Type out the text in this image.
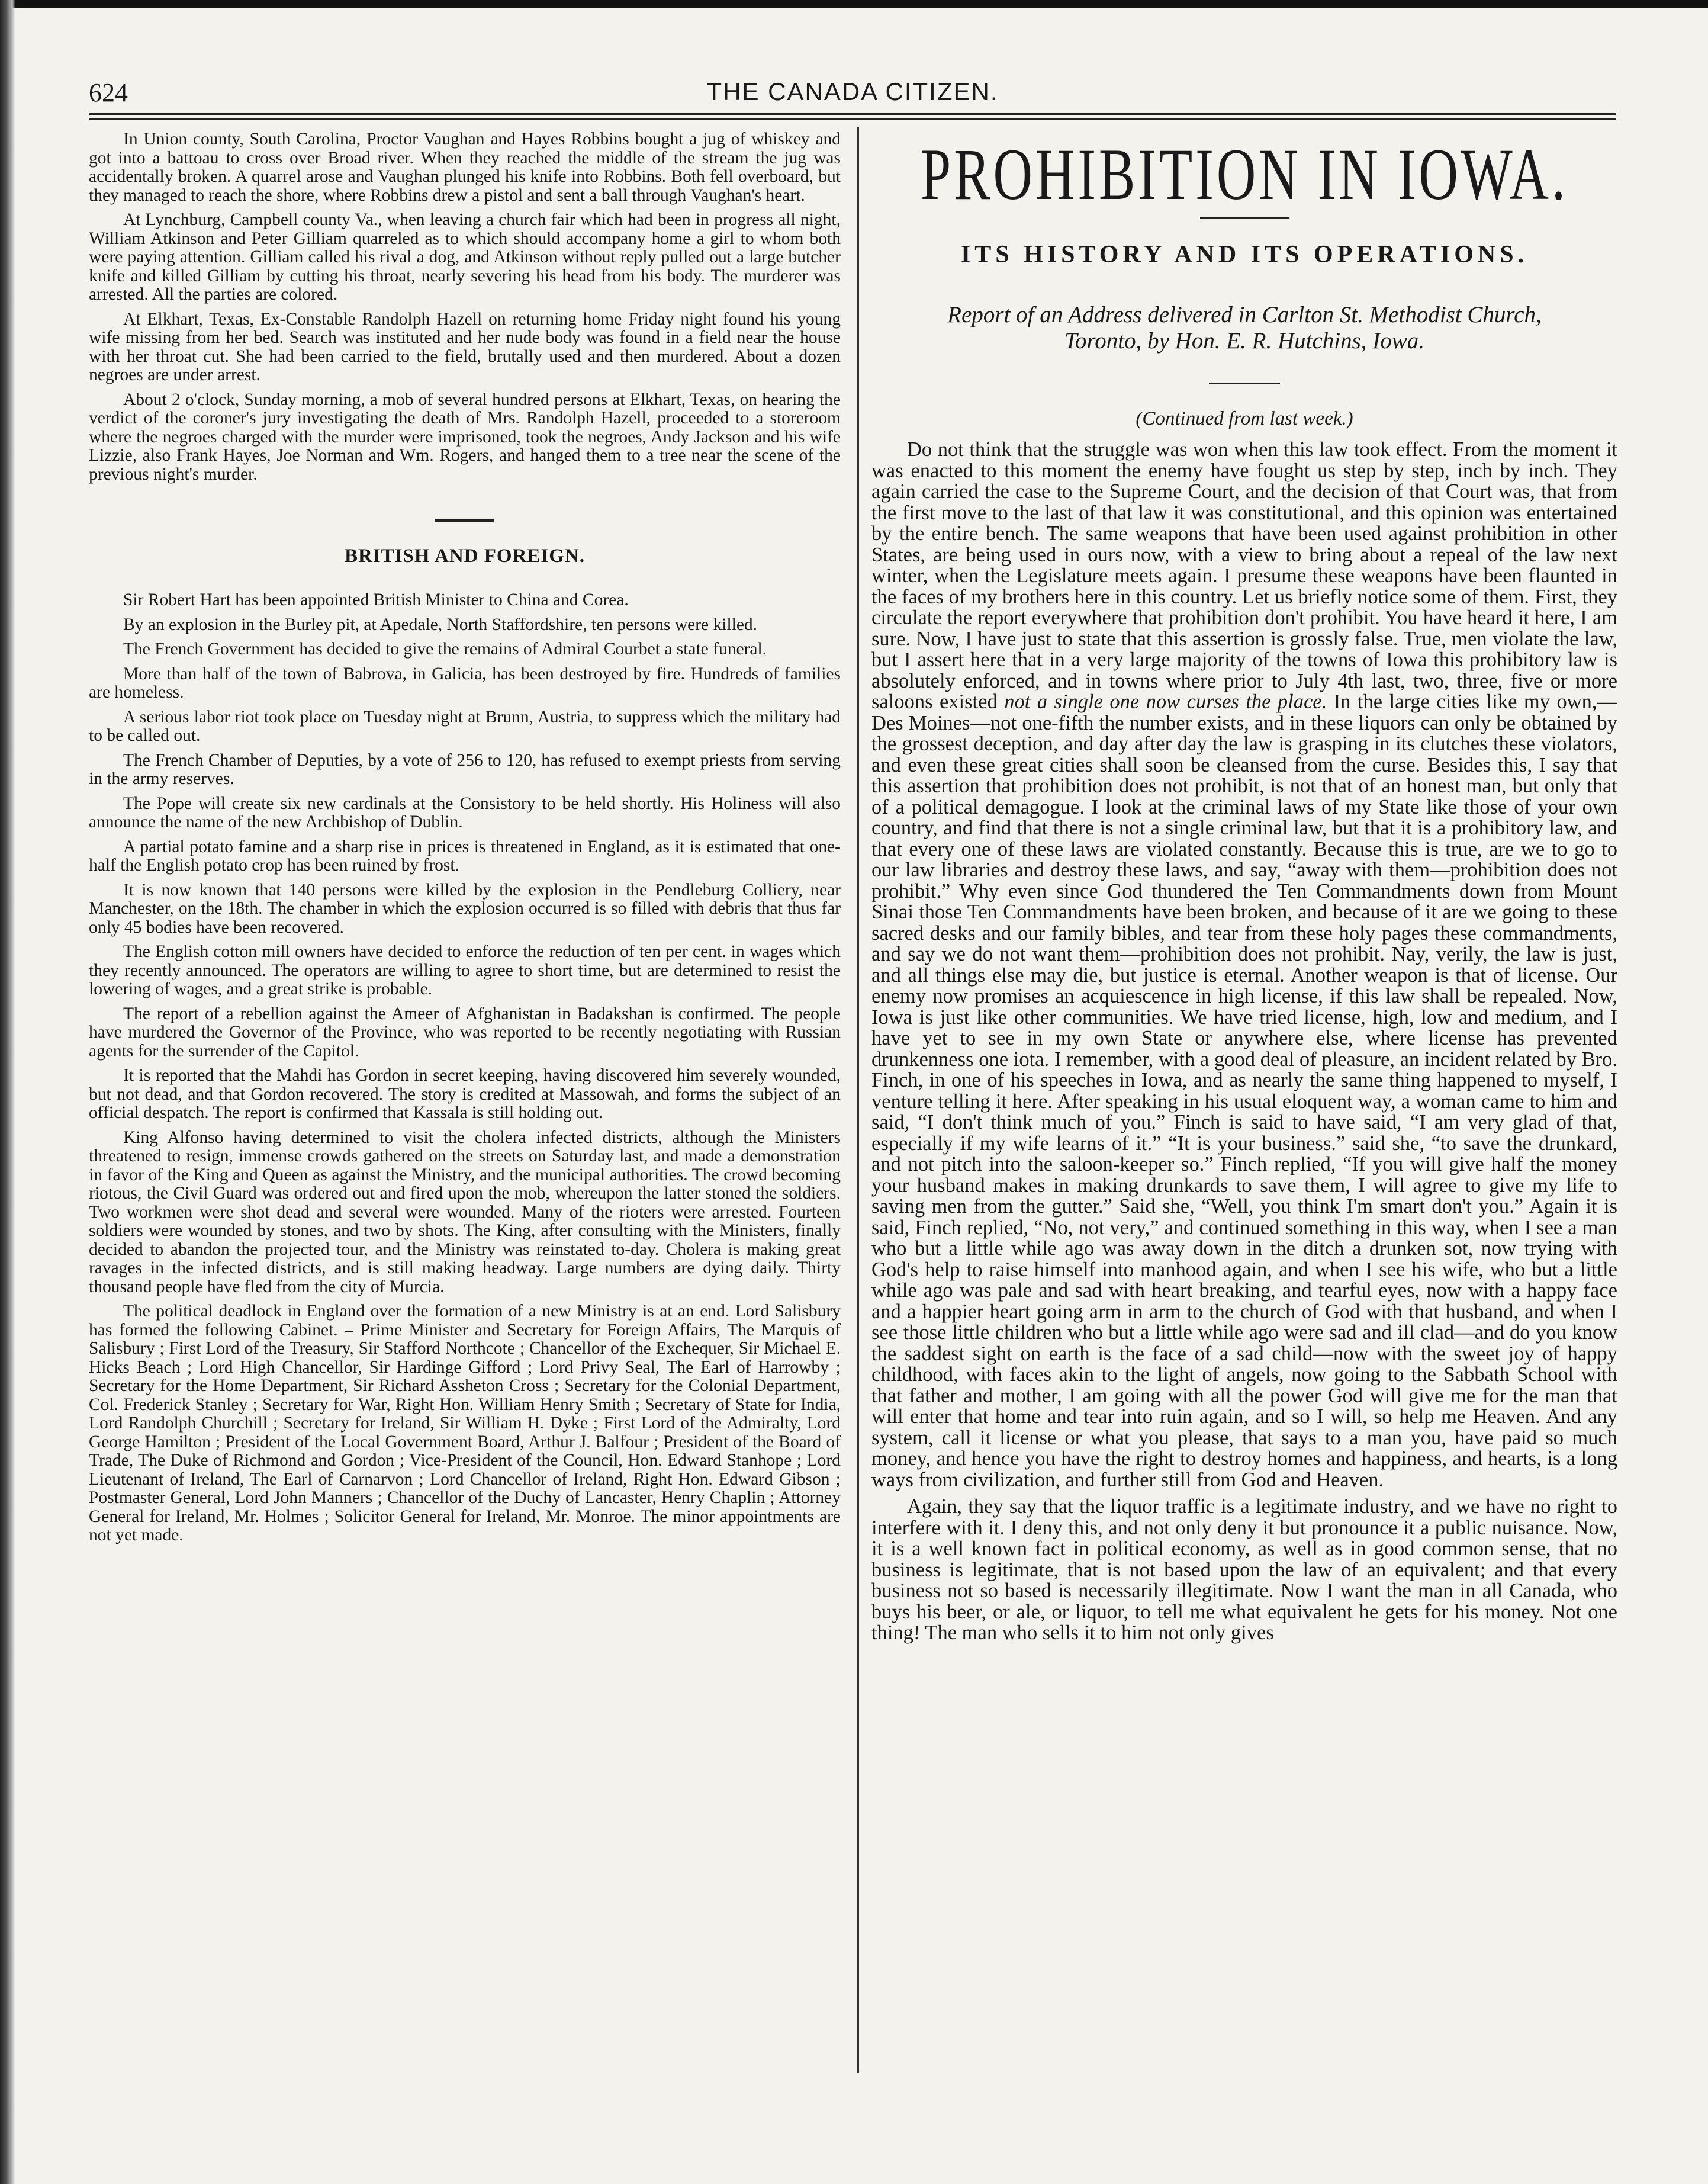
624	THE CANADA CITIZEN.

In Union county, South Carolina, Proctor Vaughan and Hayes Robbins bought a jug of whiskey and got into a battoau to cross over Broad river. When they reached the middle of the stream the jug was accidentally broken. A quarrel arose and Vaughan plunged his knife into Robbins. Both fell overboard, but they managed to reach the shore, where Robbins drew a pistol and sent a ball through Vaughan's heart.

At Lynchburg, Campbell county Va., when leaving a church fair which had been in progress all night, William Atkinson and Peter Gilliam quarreled as to which should accompany home a girl to whom both were paying attention. Gilliam called his rival a dog, and Atkinson without reply pulled out a large butcher knife and killed Gilliam by cutting his throat, nearly severing his head from his body. The murderer was arrested. All the parties are colored.

At Elkhart, Texas, Ex-Constable Randolph Hazell on returning home Friday night found his young wife missing from her bed. Search was instituted and her nude body was found in a field near the house with her throat cut. She had been carried to the field, brutally used and then murdered. About a dozen negroes are under arrest.

About 2 o'clock, Sunday morning, a mob of several hundred persons at Elkhart, Texas, on hearing the verdict of the coroner's jury investigating the death of Mrs. Randolph Hazell, proceeded to a storeroom where the negroes charged with the murder were imprisoned, took the negroes, Andy Jackson and his wife Lizzie, also Frank Hayes, Joe Norman and Wm. Rogers, and hanged them to a tree near the scene of the previous night's murder.

BRITISH AND FOREIGN.

Sir Robert Hart has been appointed British Minister to China and Corea.

By an explosion in the Burley pit, at Apedale, North Staffordshire, ten persons were killed.

The French Government has decided to give the remains of Admiral Courbet a state funeral.

More than half of the town of Babrova, in Galicia, has been destroyed by fire. Hundreds of families are homeless.

A serious labor riot took place on Tuesday night at Brunn, Austria, to suppress which the military had to be called out.

The French Chamber of Deputies, by a vote of 256 to 120, has refused to exempt priests from serving in the army reserves.

The Pope will create six new cardinals at the Consistory to be held shortly. His Holiness will also announce the name of the new Archbishop of Dublin.

A partial potato famine and a sharp rise in prices is threatened in England, as it is estimated that one-half the English potato crop has been ruined by frost.

It is now known that 140 persons were killed by the explosion in the Pendleburg Colliery, near Manchester, on the 18th. The chamber in which the explosion occurred is so filled with debris that thus far only 45 bodies have been recovered.

The English cotton mill owners have decided to enforce the reduction of ten per cent. in wages which they recently announced. The operators are willing to agree to short time, but are determined to resist the lowering of wages, and a great strike is probable.

The report of a rebellion against the Ameer of Afghanistan in Badakshan is confirmed. The people have murdered the Governor of the Province, who was reported to be recently negotiating with Russian agents for the surrender of the Capitol.

It is reported that the Mahdi has Gordon in secret keeping, having discovered him severely wounded, but not dead, and that Gordon recovered. The story is credited at Massowah, and forms the subject of an official despatch. The report is confirmed that Kassala is still holding out.

King Alfonso having determined to visit the cholera infected districts, although the Ministers threatened to resign, immense crowds gathered on the streets on Saturday last, and made a demonstration in favor of the King and Queen as against the Ministry, and the municipal authorities. The crowd becoming riotous, the Civil Guard was ordered out and fired upon the mob, whereupon the latter stoned the soldiers. Two workmen were shot dead and several were wounded. Many of the rioters were arrested. Fourteen soldiers were wounded by stones, and two by shots. The King, after consulting with the Ministers, finally decided to abandon the projected tour, and the Ministry was reinstated to-day. Cholera is making great ravages in the infected districts, and is still making headway. Large numbers are dying daily. Thirty thousand people have fled from the city of Murcia.

The political deadlock in England over the formation of a new Ministry is at an end. Lord Salisbury has formed the following Cabinet. – Prime Minister and Secretary for Foreign Affairs, The Marquis of Salisbury ; First Lord of the Treasury, Sir Stafford Northcote ; Chancellor of the Exchequer, Sir Michael E. Hicks Beach ; Lord High Chancellor, Sir Hardinge Gifford ; Lord Privy Seal, The Earl of Harrowby ; Secretary for the Home Department, Sir Richard Assheton Cross ; Secretary for the Colonial Department, Col. Frederick Stanley ; Secretary for War, Right Hon. William Henry Smith ; Secretary of State for India, Lord Randolph Churchill ; Secretary for Ireland, Sir William H. Dyke ; First Lord of the Admiralty, Lord George Hamilton ; President of the Local Government Board, Arthur J. Balfour ; President of the Board of Trade, The Duke of Richmond and Gordon ; Vice-President of the Council, Hon. Edward Stanhope ; Lord Lieutenant of Ireland, The Earl of Carnarvon ; Lord Chancellor of Ireland, Right Hon. Edward Gibson ; Postmaster General, Lord John Manners ; Chancellor of the Duchy of Lancaster, Henry Chaplin ; Attorney General for Ireland, Mr. Holmes ; Solicitor General for Ireland, Mr. Monroe. The minor appointments are not yet made.

PROHIBITION IN IOWA.
ITS HISTORY AND ITS OPERATIONS.
Report of an Address delivered in Carlton St. Methodist Church,
Toronto, by Hon. E. R. Hutchins, Iowa.
(Continued from last week.)

Do not think that the struggle was won when this law took effect. From the moment it was enacted to this moment the enemy have fought us step by step, inch by inch. They again carried the case to the Supreme Court, and the decision of that Court was, that from the first move to the last of that law it was constitutional, and this opinion was entertained by the entire bench. The same weapons that have been used against prohibition in other States, are being used in ours now, with a view to bring about a repeal of the law next winter, when the Legislature meets again. I presume these weapons have been flaunted in the faces of my brothers here in this country. Let us briefly notice some of them. First, they circulate the report everywhere that prohibition don't prohibit. You have heard it here, I am sure. Now, I have just to state that this assertion is grossly false. True, men violate the law, but I assert here that in a very large majority of the towns of Iowa this prohibitory law is absolutely enforced, and in towns where prior to July 4th last, two, three, five or more saloons existed not a single one now curses the place. In the large cities like my own,—Des Moines—not one-fifth the number exists, and in these liquors can only be obtained by the grossest deception, and day after day the law is grasping in its clutches these violators, and even these great cities shall soon be cleansed from the curse. Besides this, I say that this assertion that prohibition does not prohibit, is not that of an honest man, but only that of a political demagogue. I look at the criminal laws of my State like those of your own country, and find that there is not a single criminal law, but that it is a prohibitory law, and that every one of these laws are violated constantly. Because this is true, are we to go to our law libraries and destroy these laws, and say, “away with them—prohibition does not prohibit.” Why even since God thundered the Ten Commandments down from Mount Sinai those Ten Commandments have been broken, and because of it are we going to these sacred desks and our family bibles, and tear from these holy pages these commandments, and say we do not want them—prohibition does not prohibit. Nay, verily, the law is just, and all things else may die, but justice is eternal. Another weapon is that of license. Our enemy now promises an acquiescence in high license, if this law shall be repealed. Now, Iowa is just like other communities. We have tried license, high, low and medium, and I have yet to see in my own State or anywhere else, where license has prevented drunkenness one iota. I remember, with a good deal of pleasure, an incident related by Bro. Finch, in one of his speeches in Iowa, and as nearly the same thing happened to myself, I venture telling it here. After speaking in his usual eloquent way, a woman came to him and said, “I don't think much of you.” Finch is said to have said, “I am very glad of that, especially if my wife learns of it.” “It is your business.” said she, “to save the drunkard, and not pitch into the saloon-keeper so.” Finch replied, “If you will give half the money your husband makes in making drunkards to save them, I will agree to give my life to saving men from the gutter.” Said she, “Well, you think I'm smart don't you.” Again it is said, Finch replied, “No, not very,” and continued something in this way, when I see a man who but a little while ago was away down in the ditch a drunken sot, now trying with God's help to raise himself into manhood again, and when I see his wife, who but a little while ago was pale and sad with heart breaking, and tearful eyes, now with a happy face and a happier heart going arm in arm to the church of God with that husband, and when I see those little children who but a little while ago were sad and ill clad—and do you know the saddest sight on earth is the face of a sad child—now with the sweet joy of happy childhood, with faces akin to the light of angels, now going to the Sabbath School with that father and mother, I am going with all the power God will give me for the man that will enter that home and tear into ruin again, and so I will, so help me Heaven. And any system, call it license or what you please, that says to a man you, have paid so much money, and hence you have the right to destroy homes and happiness, and hearts, is a long ways from civilization, and further still from God and Heaven.

Again, they say that the liquor traffic is a legitimate industry, and we have no right to interfere with it. I deny this, and not only deny it but pronounce it a public nuisance. Now, it is a well known fact in political economy, as well as in good common sense, that no business is legitimate, that is not based upon the law of an equivalent; and that every business not so based is necessarily illegitimate. Now I want the man in all Canada, who buys his beer, or ale, or liquor, to tell me what equivalent he gets for his money. Not one thing! The man who sells it to him not only gives
